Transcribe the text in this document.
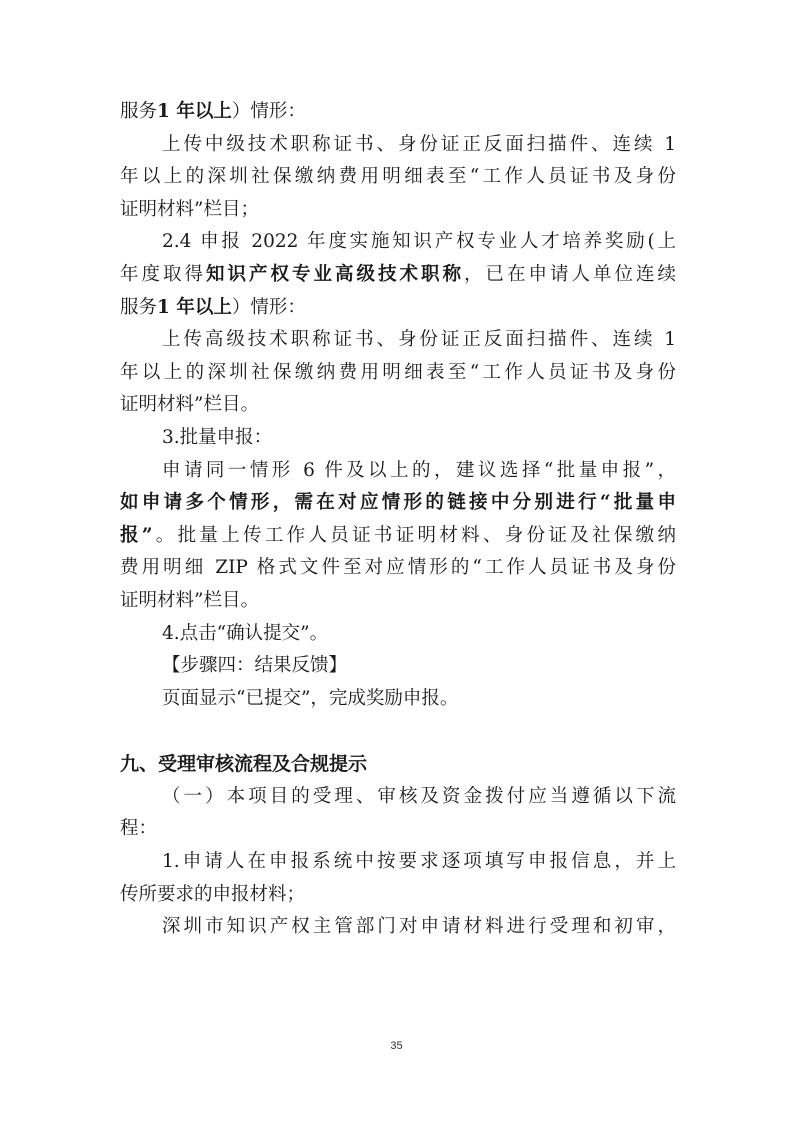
服务1 年以上）情形：
上传中级技术职称证书、身份证正反面扫描件、连续 1
年以上的深圳社保缴纳费用明细表至“工作人员证书及身份
证明材料”栏目；
2.4 申报 2022 年度实施知识产权专业人才培养奖励(上
年度取得知识产权专业高级技术职称，已在申请人单位连续
服务1 年以上）情形：
上传高级技术职称证书、身份证正反面扫描件、连续 1
年以上的深圳社保缴纳费用明细表至“工作人员证书及身份
证明材料”栏目。
3.批量申报：
申请同一情形 6 件及以上的，建议选择“批量申报”，
如申请多个情形，需在对应情形的链接中分别进行“批量申
报”。批量上传工作人员证书证明材料、身份证及社保缴纳
费用明细 ZIP 格式文件至对应情形的“工作人员证书及身份
证明材料”栏目。
4.点击“确认提交”。
【步骤四：结果反馈】
页面显示“已提交”，完成奖励申报。
九、受理审核流程及合规提示
（一）本项目的受理、审核及资金拨付应当遵循以下流
程：
1.申请人在申报系统中按要求逐项填写申报信息，并上
传所要求的申报材料；
深圳市知识产权主管部门对申请材料进行受理和初审，
35
